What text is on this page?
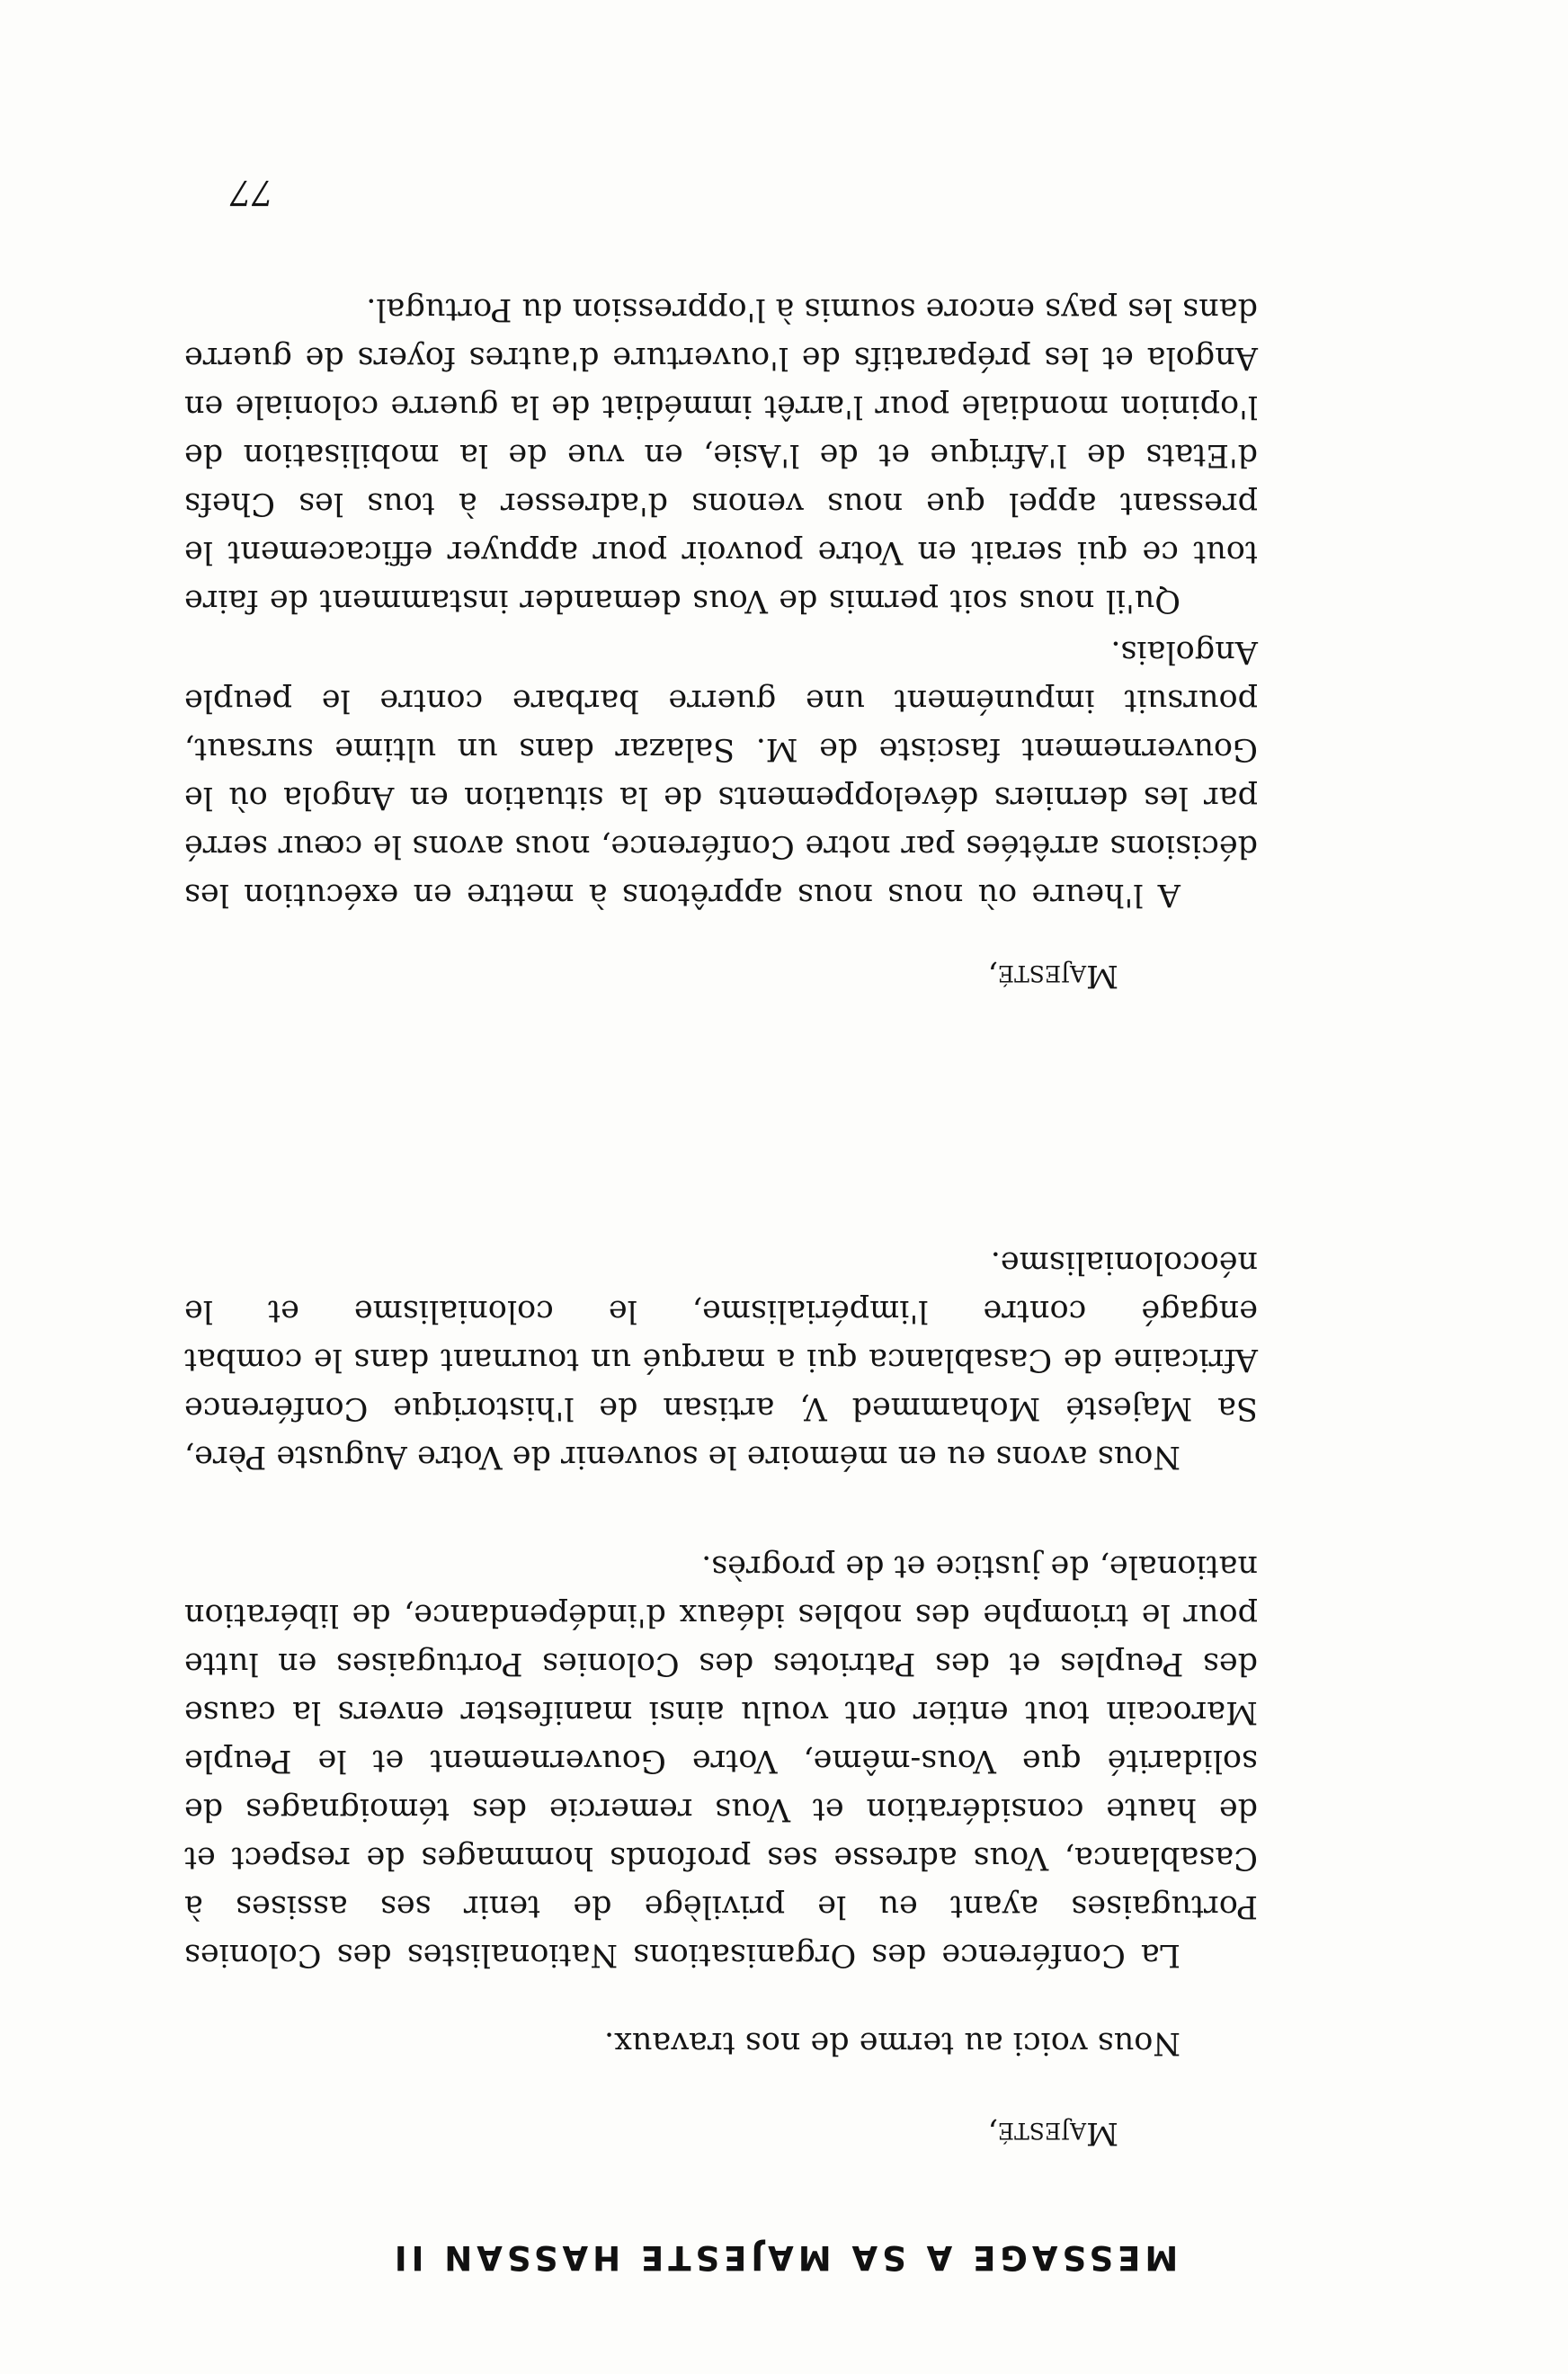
MESSAGE A SA MAJESTE HASSAN II
Majesté,

Nous voici au terme de nos travaux.

La Conférence des Organisations Nationalistes des Colonies Portugaises ayant eu le privilège de tenir ses assises à Casablanca, Vous adresse ses profonds hommages de respect et de haute considération et Vous remercie des témoignages de solidarité que Vous-même, Votre Gouvernement et le Peuple Marocain tout entier ont voulu ainsi manifester envers la cause des Peuples et des Patriotes des Colonies Portugaises en lutte pour le triomphe des nobles idéaux d'indépendance, de libération nationale, de justice et de progrès.

Nous avons eu en mémoire le souvenir de Votre Auguste Père, Sa Majesté Mohammed V, artisan de l'historique Conférence Africaine de Casablanca qui a marqué un tournant dans le combat engagé contre l'impérialisme, le colonialisme et le néocolonialisme.

Majesté,

A l'heure où nous nous apprêtons à mettre en exécution les décisions arrêtées par notre Conférence, nous avons le cœur serré par les derniers développements de la situation en Angola où le Gouvernement fasciste de M. Salazar dans un ultime sursaut, poursuit impunément une guerre barbare contre le peuple Angolais.

Qu'il nous soit permis de Vous demander instamment de faire tout ce qui serait en Votre pouvoir pour appuyer efficacement le pressant appel que nous venons d'adresser à tous les Chefs d'Etats de l'Afrique et de l'Asie, en vue de la mobilisation de l'opinion mondiale pour l'arrêt immédiat de la guerre coloniale en Angola et les préparatifs de l'ouverture d'autres foyers de guerre dans les pays encore soumis à l'oppression du Portugal.

77
